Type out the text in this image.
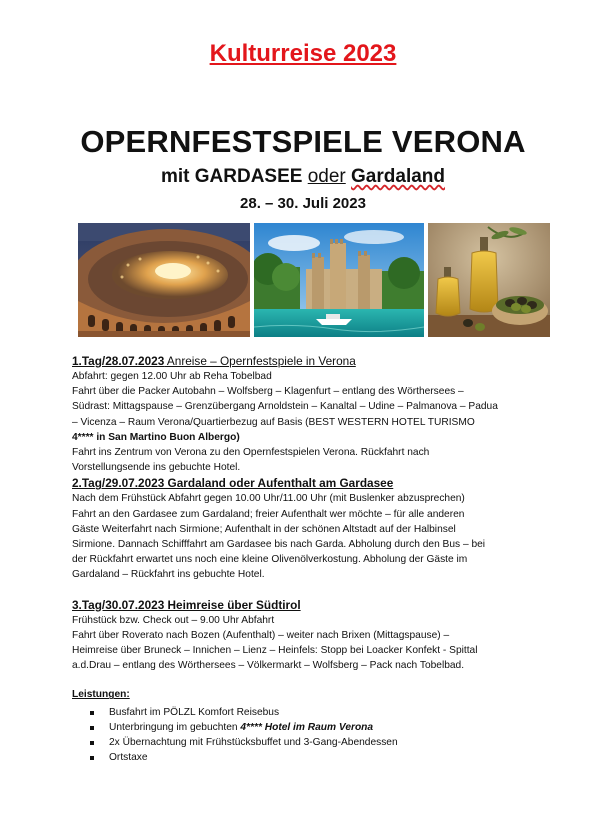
Kulturreise 2023
OPERNFESTSPIELE VERONA
mit GARDASEE oder Gardaland
28. – 30. Juli 2023

1.Tag/28.07.2023 Anreise – Opernfestspiele in Verona

Abfahrt: gegen 12.00 Uhr ab Reha Tobelbad

Fahrt über die Packer Autobahn – Wolfsberg – Klagenfurt – entlang des Wörthersees –

Südrast: Mittagspause – Grenzübergang Arnoldstein – Kanaltal – Udine – Palmanova – Padua

– Vicenza – Raum Verona/Quartierbezug auf Basis (BEST WESTERN HOTEL TURISMO

4**** in San Martino Buon Albergo)

Fahrt ins Zentrum von Verona zu den Opernfestspielen Verona. Rückfahrt nach

Vorstellungsende ins gebuchte Hotel.

2.Tag/29.07.2023 Gardaland oder Aufenthalt am Gardasee

Nach dem Frühstück Abfahrt gegen 10.00 Uhr/11.00 Uhr (mit Buslenker abzusprechen)

Fahrt an den Gardasee zum Gardaland; freier Aufenthalt wer möchte – für alle anderen

Gäste Weiterfahrt nach Sirmione; Aufenthalt in der schönen Altstadt auf der Halbinsel

Sirmione. Dannach Schifffahrt am Gardasee bis nach Garda. Abholung durch den Bus – bei

der Rückfahrt erwartet uns noch eine kleine Olivenölverkostung. Abholung der Gäste im

Gardaland – Rückfahrt ins gebuchte Hotel.

3.Tag/30.07.2023 Heimreise über Südtirol

Frühstück bzw. Check out – 9.00 Uhr Abfahrt

Fahrt über Roverato nach Bozen (Aufenthalt) – weiter nach Brixen (Mittagspause) –

Heimreise über Bruneck – Innichen – Lienz – Heinfels: Stopp bei Loacker Konfekt - Spittal

a.d.Drau – entlang des Wörthersees – Völkermarkt – Wolfsberg – Pack nach Tobelbad.

Leistungen:

Busfahrt im PÖLZL Komfort Reisebus
Unterbringung im gebuchten 4**** Hotel im Raum Verona
2x Übernachtung mit Frühstücksbuffet und 3-Gang-Abendessen
Ortstaxe
